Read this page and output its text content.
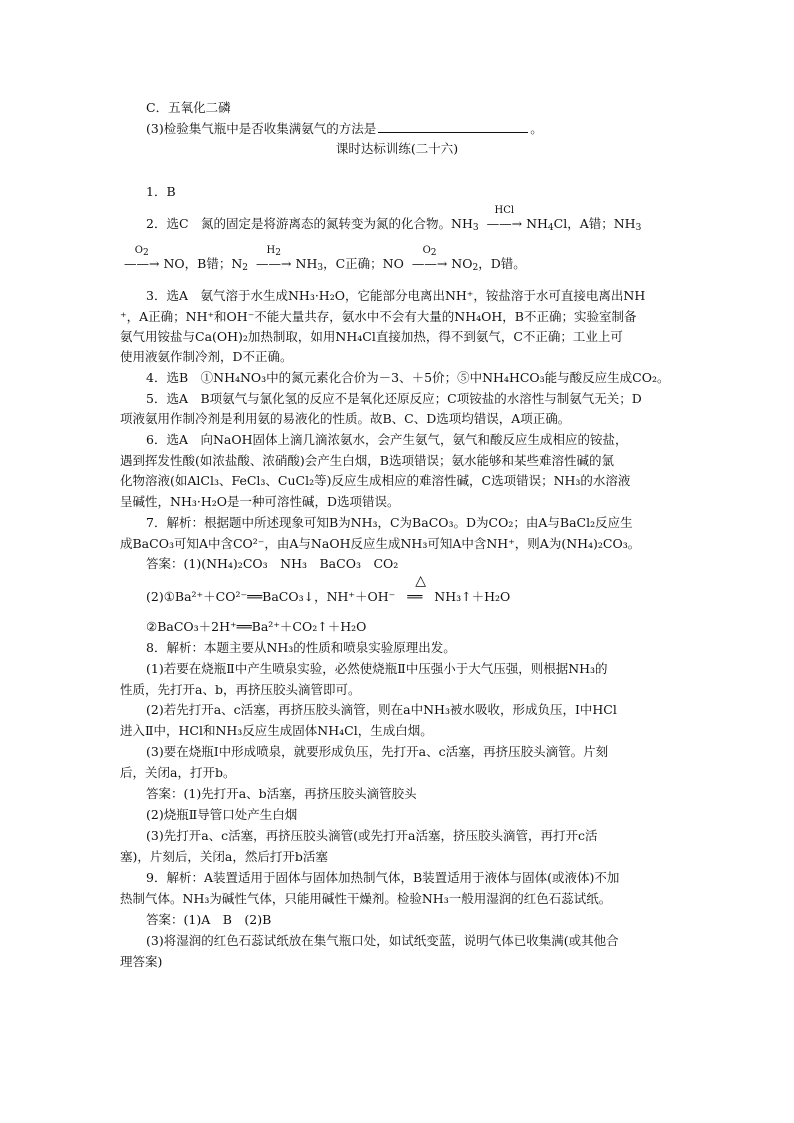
C．五氧化二磷
(3)检验集气瓶中是否收集满氨气的方法是	。
课时达标训练(二十六)
1．B
2．选C　氮的固定是将游离态的氮转变为氮的化合物。$NH_3$
HCl
——→ $NH_4Cl$，A错；$NH_3$
O2
——→ NO，B错；$N_2$
H2
——→ $NH_3$，C正确；NO
O2
——→ $NO_2$，D错。
3．选A　氨气溶于水生成NH₃·H₂O，它能部分电离出NH⁺，铵盐溶于水可直接电离出NH
⁺，A正确；NH⁺和OH⁻不能大量共存，氨水中不会有大量的NH₄OH，B不正确；实验室制备
氨气用铵盐与Ca(OH)₂加热制取，如用NH₄Cl直接加热，得不到氨气，C不正确；工业上可
使用液氨作制冷剂，D不正确。
4．选B　①NH₄NO₃中的氮元素化合价为－3、＋5价；⑤中NH₄HCO₃能与酸反应生成CO₂。
5．选A　B项氨气与氯化氢的反应不是氧化还原反应；C项铵盐的水溶性与制氨气无关；D
项液氨用作制冷剂是利用氨的易液化的性质。故B、C、D选项均错误，A项正确。
6．选A　向NaOH固体上滴几滴浓氨水，会产生氨气，氨气和酸反应生成相应的铵盐，
遇到挥发性酸(如浓盐酸、浓硝酸)会产生白烟，B选项错误；氨水能够和某些难溶性碱的氯
化物溶液(如AlCl₃、FeCl₃、CuCl₂等)反应生成相应的难溶性碱，C选项错误；NH₃的水溶液
呈碱性，NH₃·H₂O是一种可溶性碱，D选项错误。
7．解析：根据题中所述现象可知B为NH₃，C为BaCO₃。D为CO₂；由A与BaCl₂反应生
成BaCO₃可知A中含CO²⁻，由A与NaOH反应生成NH₃可知A中含NH⁺，则A为(NH₄)₂CO₃。
答案：(1)(NH₄)₂CO₃　NH₃　BaCO₃　CO₂
(2)①Ba²⁺＋CO²⁻══BaCO₃↓，NH⁺＋OH⁻
△
══ NH₃↑＋H₂O
②BaCO₃＋2H⁺══Ba²⁺＋CO₂↑＋H₂O
8．解析：本题主要从NH₃的性质和喷泉实验原理出发。
(1)若要在烧瓶Ⅱ中产生喷泉实验，必然使烧瓶Ⅱ中压强小于大气压强，则根据NH₃的
性质，先打开a、b，再挤压胶头滴管即可。
(2)若先打开a、c活塞，再挤压胶头滴管，则在a中NH₃被水吸收，形成负压，Ⅰ中HCl
进入Ⅱ中，HCl和NH₃反应生成固体NH₄Cl，生成白烟。
(3)要在烧瓶Ⅰ中形成喷泉，就要形成负压，先打开a、c活塞，再挤压胶头滴管。片刻
后，关闭a，打开b。
答案：(1)先打开a、b活塞，再挤压胶头滴管胶头
(2)烧瓶Ⅱ导管口处产生白烟
(3)先打开a、c活塞，再挤压胶头滴管(或先打开a活塞，挤压胶头滴管，再打开c活
塞)，片刻后，关闭a，然后打开b活塞
9．解析：A装置适用于固体与固体加热制气体，B装置适用于液体与固体(或液体)不加
热制气体。NH₃为碱性气体，只能用碱性干燥剂。检验NH₃一般用湿润的红色石蕊试纸。
答案：(1)A　B　(2)B
(3)将湿润的红色石蕊试纸放在集气瓶口处，如试纸变蓝，说明气体已收集满(或其他合
理答案)
